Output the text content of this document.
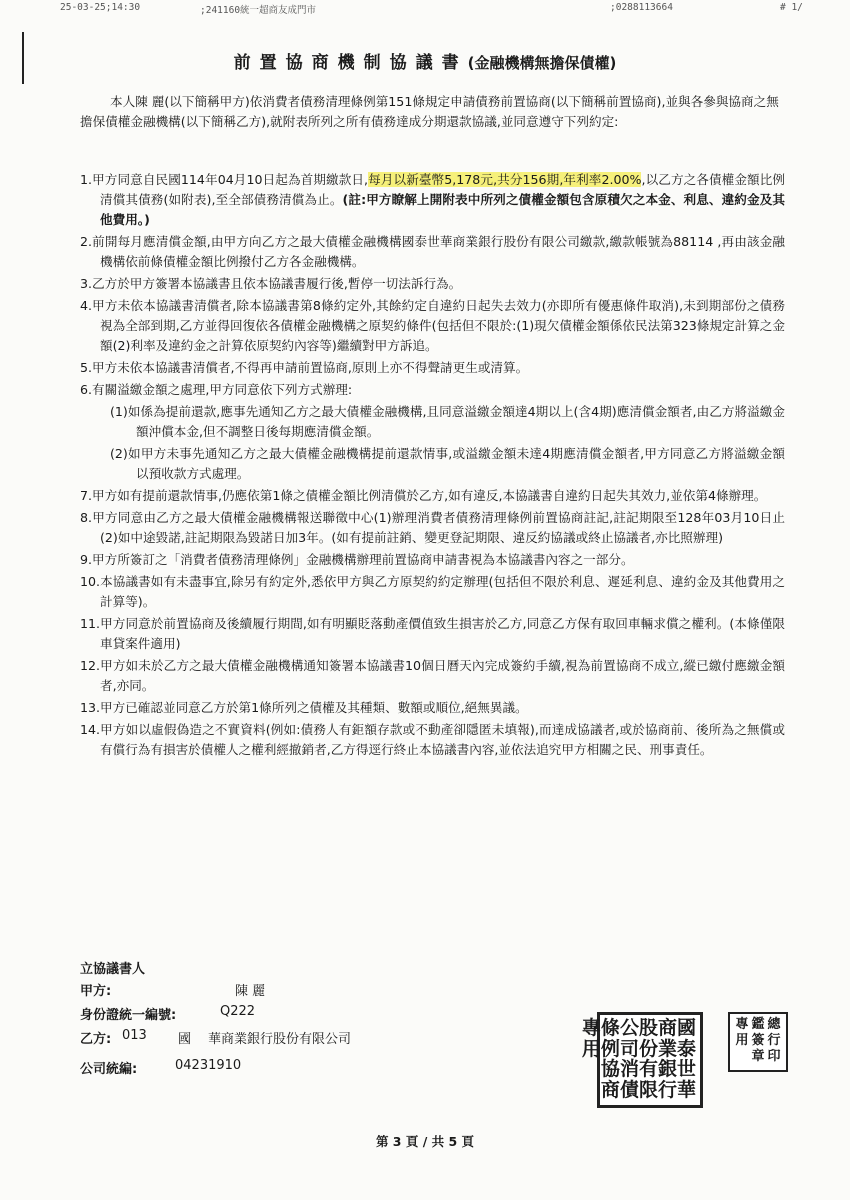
25-03-25;14:30	;241160統一超商友成門市	;0288113664	# 1/
前置協商機制協議書(金融機構無擔保債權)
本人陳 麗(以下簡稱甲方)依消費者債務清理條例第151條規定申請債務前置協商(以下簡稱前置協商),並與各參與協商之無擔保債權金融機構(以下簡稱乙方),就附表所列之所有債務達成分期還款協議,並同意遵守下列約定:
1.甲方同意自民國114年04月10日起為首期繳款日,每月以新臺幣5,178元,共分156期,年利率2.00%,以乙方之各債權金額比例清償其債務(如附表),至全部債務清償為止。(註:甲方瞭解上開附表中所列之債權金額包含原積欠之本金、利息、違約金及其他費用。)
2.前開每月應清償金額,由甲方向乙方之最大債權金融機構國泰世華商業銀行股份有限公司繳款,繳款帳號為88114 ,再由該金融機構依前條債權金額比例撥付乙方各金融機構。
3.乙方於甲方簽署本協議書且依本協議書履行後,暫停一切法訴行為。
4.甲方未依本協議書清償者,除本協議書第8條約定外,其餘約定自違約日起失去效力(亦即所有優惠條件取消),未到期部份之債務視為全部到期,乙方並得回復依各債權金融機構之原契約條件(包括但不限於:(1)現欠債權金額係依民法第323條規定計算之金額(2)利率及違約金之計算依原契約內容等)繼續對甲方訴追。
5.甲方未依本協議書清償者,不得再申請前置協商,原則上亦不得聲請更生或清算。
6.有關溢繳金額之處理,甲方同意依下列方式辦理:
(1)如係為提前還款,應事先通知乙方之最大債權金融機構,且同意溢繳金額達4期以上(含4期)應清償金額者,由乙方將溢繳金額沖償本金,但不調整日後每期應清償金額。
(2)如甲方未事先通知乙方之最大債權金融機構提前還款情事,或溢繳金額未達4期應清償金額者,甲方同意乙方將溢繳金額以預收款方式處理。
7.甲方如有提前還款情事,仍應依第1條之債權金額比例清償於乙方,如有違反,本協議書自違約日起失其效力,並依第4條辦理。
8.甲方同意由乙方之最大債權金融機構報送聯徵中心(1)辦理消費者債務清理條例前置協商註記,註記期限至128年03月10日止(2)如中途毀諾,註記期限為毀諾日加3年。(如有提前註銷、變更登記期限、違反約協議或終止協議者,亦比照辦理)
9.甲方所簽訂之「消費者債務清理條例」金融機構辦理前置協商申請書視為本協議書內容之一部分。
10.本協議書如有未盡事宜,除另有約定外,悉依甲方與乙方原契約約定辦理(包括但不限於利息、遲延利息、違約金及其他費用之計算等)。
11.甲方同意於前置協商及後續履行期間,如有明顯貶落動產價值致生損害於乙方,同意乙方保有取回車輛求償之權利。(本條僅限車貸案件適用)
12.甲方如未於乙方之最大債權金融機構通知簽署本協議書10個日曆天內完成簽約手續,視為前置協商不成立,縱已繳付應繳金額者,亦同。
13.甲方已確認並同意乙方於第1條所列之債權及其種類、數額或順位,絕無異議。
14.甲方如以虛假偽造之不實資料(例如:債務人有鉅額存款或不動產卻隱匿未填報),而達成協議者,或於協商前、後所為之無償或有償行為有損害於債權人之權利經撤銷者,乙方得逕行終止本協議書內容,並依法追究甲方相關之民、刑事責任。
立協議書人
甲方:	陳 麗
身份證統一編號:	Q222
乙方: 013 國 華商業銀行股份有限公司
公司統編:	04231910
國
泰
世
華
商
業
銀
行
股
份
有
限
公
司
消
債
條
例
協
商
專
用
總
行
印
鑑
簽
章
專
用
第 3 頁 / 共 5 頁
